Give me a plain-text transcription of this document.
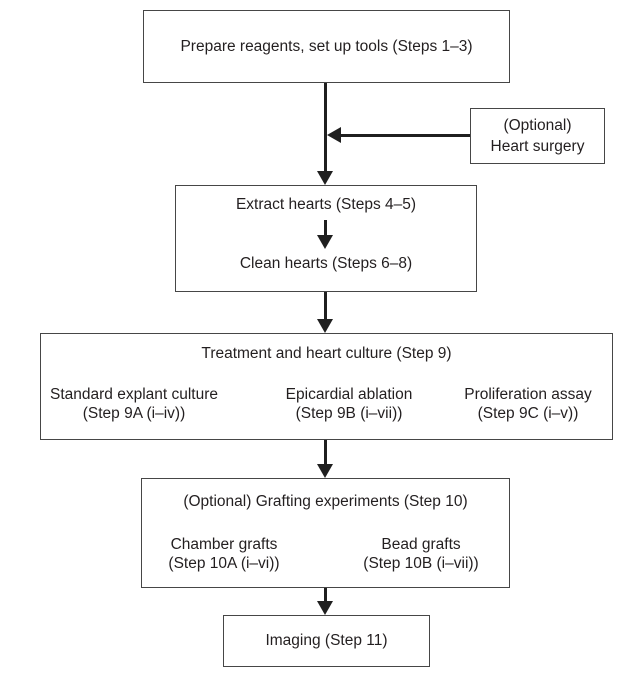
Prepare reagents, set up tools (Steps 1–3)
(Optional)
Heart surgery
Extract hearts (Steps 4–5)
Clean hearts (Steps 6–8)
Treatment and heart culture (Step 9)
Standard explant culture
(Step 9A (i–iv))
Epicardial ablation
(Step 9B (i–vii))
Proliferation assay
(Step 9C (i–v))
(Optional) Grafting experiments (Step 10)
Chamber grafts
(Step 10A (i–vi))
Bead grafts
(Step 10B (i–vii))
Imaging (Step 11)
